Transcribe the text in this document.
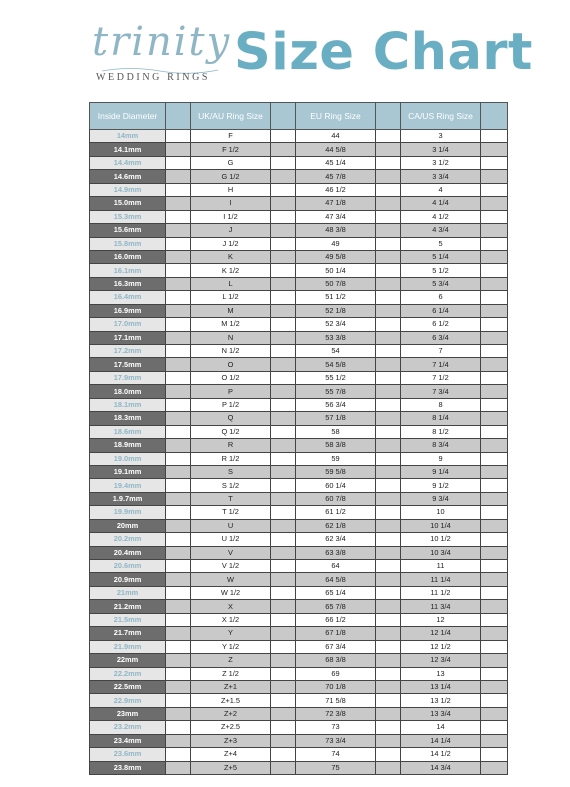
trinity
WEDDING RINGS Size Chart
Inside Diameter		UK/AU Ring Size		EU Ring Size		CA/US Ring Size	
14mm		F		44		3	
14.1mm		F 1/2		44 5/8		3 1/4	
14.4mm		G		45 1/4		3 1/2	
14.6mm		G 1/2		45 7/8		3 3/4	
14.9mm		H		46 1/2		4	
15.0mm		I		47 1/8		4 1/4	
15.3mm		I 1/2		47 3/4		4 1/2	
15.6mm		J		48 3/8		4 3/4	
15.8mm		J 1/2		49		5	
16.0mm		K		49 5/8		5 1/4	
16.1mm		K 1/2		50 1/4		5 1/2	
16.3mm		L		50 7/8		5 3/4	
16.4mm		L 1/2		51 1/2		6	
16.9mm		M		52 1/8		6 1/4	
17.0mm		M 1/2		52 3/4		6 1/2	
17.1mm		N		53 3/8		6 3/4	
17.2mm		N 1/2		54		7	
17.5mm		O		54 5/8		7 1/4	
17.9mm		O 1/2		55 1/2		7 1/2	
18.0mm		P		55 7/8		7 3/4	
18.1mm		P 1/2		56 3/4		8	
18.3mm		Q		57 1/8		8 1/4	
18.6mm		Q 1/2		58		8 1/2	
18.9mm		R		58 3/8		8 3/4	
19.0mm		R 1/2		59		9	
19.1mm		S		59 5/8		9 1/4	
19.4mm		S 1/2		60 1/4		9 1/2	
1.9.7mm		T		60 7/8		9 3/4	
19.9mm		T 1/2		61 1/2		10	
20mm		U		62 1/8		10 1/4	
20.2mm		U 1/2		62 3/4		10 1/2	
20.4mm		V		63 3/8		10 3/4	
20.6mm		V 1/2		64		11	
20.9mm		W		64 5/8		11 1/4	
21mm		W 1/2		65 1/4		11 1/2	
21.2mm		X		65 7/8		11 3/4	
21.5mm		X 1/2		66 1/2		12	
21.7mm		Y		67 1/8		12 1/4	
21.9mm		Y 1/2		67 3/4		12 1/2	
22mm		Z		68 3/8		12 3/4	
22.2mm		Z 1/2		69		13	
22.5mm		Z+1		70 1/8		13 1/4	
22.9mm		Z+1.5		71 5/8		13 1/2	
23mm		Z+2		72 3/8		13 3/4	
23.2mm		Z+2.5		73		14	
23.4mm		Z+3		73 3/4		14 1/4	
23.6mm		Z+4		74		14 1/2	
23.8mm		Z+5		75		14 3/4	
